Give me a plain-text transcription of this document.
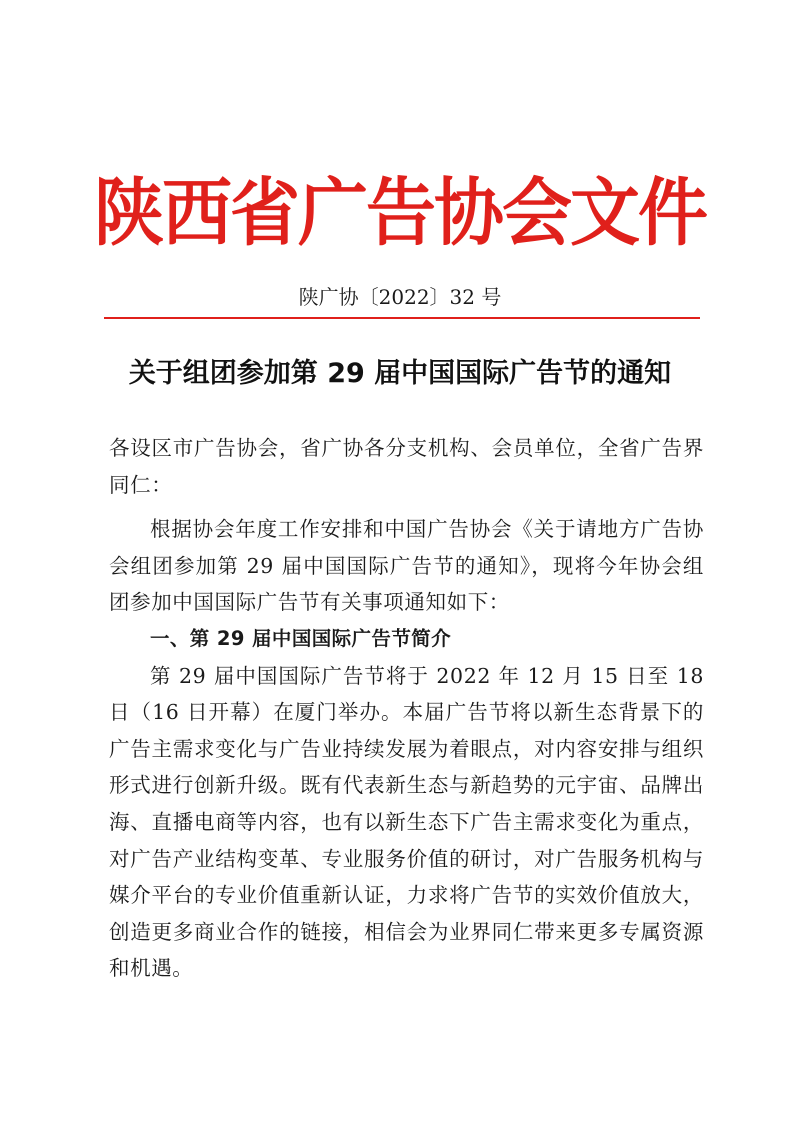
陕西省广告协会文件
陕广协〔2022〕32 号
关于组团参加第 29 届中国国际广告节的通知

各设区市广告协会，省广协各分支机构、会员单位，全省广告界同仁：

根据协会年度工作安排和中国广告协会《关于请地方广告协会组团参加第 29 届中国国际广告节的通知》，现将今年协会组团参加中国国际广告节有关事项通知如下：

一、第 29 届中国国际广告节简介

第 29 届中国国际广告节将于 2022 年 12 月 15 日至 18 日（16 日开幕）在厦门举办。本届广告节将以新生态背景下的广告主需求变化与广告业持续发展为着眼点，对内容安排与组织形式进行创新升级。既有代表新生态与新趋势的元宇宙、品牌出海、直播电商等内容，也有以新生态下广告主需求变化为重点，对广告产业结构变革、专业服务价值的研讨，对广告服务机构与媒介平台的专业价值重新认证，力求将广告节的实效价值放大，创造更多商业合作的链接，相信会为业界同仁带来更多专属资源和机遇。
